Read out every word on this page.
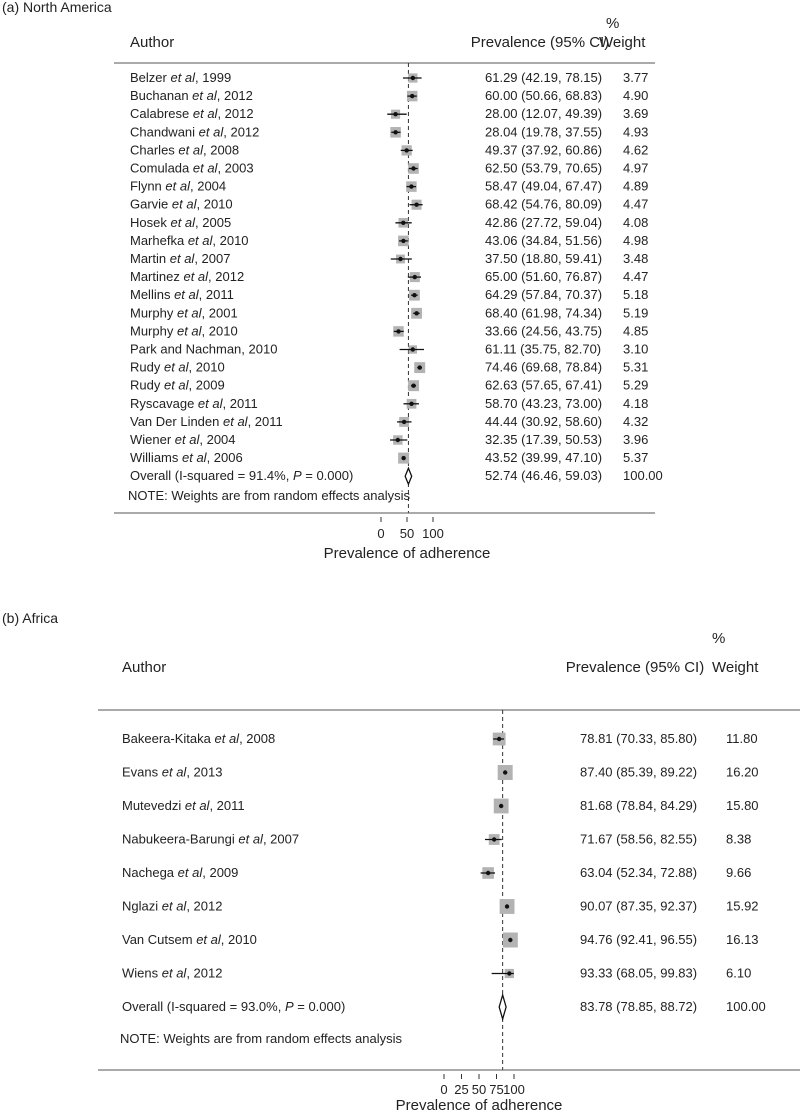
(a) North America
Author	Prevalence (95% CI)
%
Weight
Belzer et al, 1999	61.29 (42.19, 78.15) 3.77
Buchanan et al, 2012	60.00 (50.66, 68.83) 4.90
Calabrese et al, 2012	28.00 (12.07, 49.39) 3.69
Chandwani et al, 2012	28.04 (19.78, 37.55) 4.93
Charles et al, 2008	49.37 (37.92, 60.86) 4.62
Comulada et al, 2003	62.50 (53.79, 70.65) 4.97
Flynn et al, 2004	58.47 (49.04, 67.47) 4.89
Garvie et al, 2010	68.42 (54.76, 80.09) 4.47
Hosek et al, 2005	42.86 (27.72, 59.04) 4.08
Marhefka et al, 2010	43.06 (34.84, 51.56) 4.98
Martin et al, 2007	37.50 (18.80, 59.41) 3.48
Martinez et al, 2012	65.00 (51.60, 76.87) 4.47
Mellins et al, 2011	64.29 (57.84, 70.37) 5.18
Murphy et al, 2001	68.40 (61.98, 74.34) 5.19
Murphy et al, 2010	33.66 (24.56, 43.75) 4.85
Park and Nachman, 2010	61.11 (35.75, 82.70) 3.10
Rudy et al, 2010	74.46 (69.68, 78.84) 5.31
Rudy et al, 2009	62.63 (57.65, 67.41) 5.29
Ryscavage et al, 2011	58.70 (43.23, 73.00) 4.18
Van Der Linden et al, 2011	44.44 (30.92, 58.60) 4.32
Wiener et al, 2004	32.35 (17.39, 50.53) 3.96
Williams et al, 2006	43.52 (39.99, 47.10) 5.37
Overall (I-squared = 91.4%, P = 0.000)	52.74 (46.46, 59.03) 100.00
NOTE: Weights are from random effects analysis
0 50 100
Prevalence of adherence
(b) Africa
Author	Prevalence (95% CI)
%
Weight
Bakeera-Kitaka et al, 2008	78.81 (70.33, 85.80) 11.80
Evans et al, 2013	87.40 (85.39, 89.22) 16.20
Mutevedzi et al, 2011	81.68 (78.84, 84.29) 15.80
Nabukeera-Barungi et al, 2007	71.67 (58.56, 82.55) 8.38
Nachega et al, 2009	63.04 (52.34, 72.88) 9.66
Nglazi et al, 2012	90.07 (87.35, 92.37) 15.92
Van Cutsem et al, 2010	94.76 (92.41, 96.55) 16.13
Wiens et al, 2012	93.33 (68.05, 99.83) 6.10
Overall (I-squared = 93.0%, P = 0.000)	83.78 (78.85, 88.72) 100.00
NOTE: Weights are from random effects analysis
0 25 50 75 100
Prevalence of adherence
